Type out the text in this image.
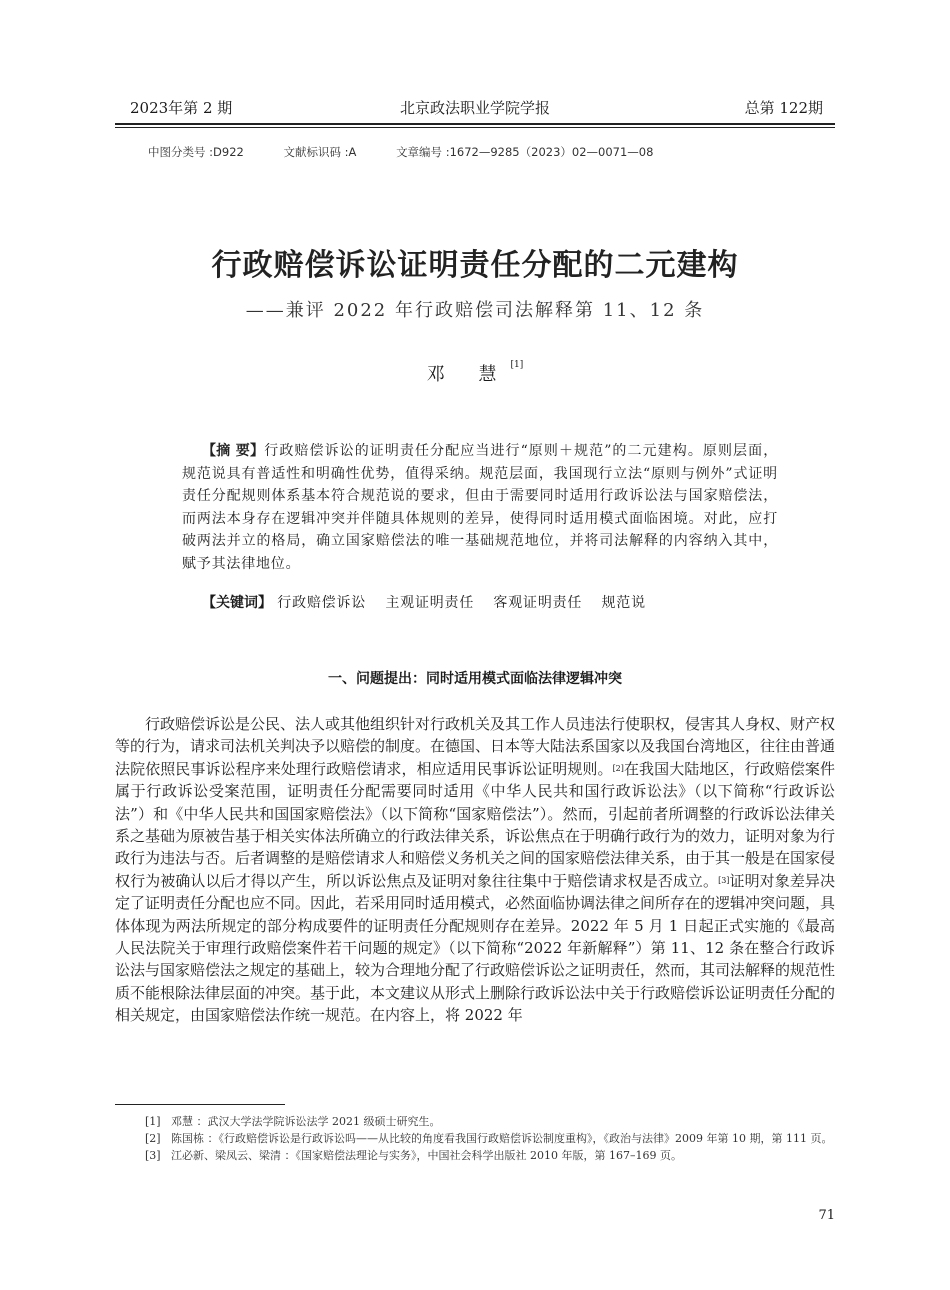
2023年第 2 期	北京政法职业学院学报	总第 122期
中图分类号 :D922	文献标识码 :A	文章编号 :1672—9285（2023）02—0071—08
行政赔偿诉讼证明责任分配的二元建构
——兼评 2022 年行政赔偿司法解释第 11、12 条
邓 慧[1]

【摘 要】行政赔偿诉讼的证明责任分配应当进行“原则＋规范”的二元建构。原则层面，规范说具有普适性和明确性优势，值得采纳。规范层面，我国现行立法“原则与例外”式证明责任分配规则体系基本符合规范说的要求，但由于需要同时适用行政诉讼法与国家赔偿法，而两法本身存在逻辑冲突并伴随具体规则的差异，使得同时适用模式面临困境。对此，应打破两法并立的格局，确立国家赔偿法的唯一基础规范地位，并将司法解释的内容纳入其中，赋予其法律地位。

【关键词】 行政赔偿诉讼 主观证明责任 客观证明责任 规范说
一、问题提出：同时适用模式面临法律逻辑冲突

行政赔偿诉讼是公民、法人或其他组织针对行政机关及其工作人员违法行使职权，侵害其人身权、财产权等的行为，请求司法机关判决予以赔偿的制度。在德国、日本等大陆法系国家以及我国台湾地区，往往由普通法院依照民事诉讼程序来处理行政赔偿请求，相应适用民事诉讼证明规则。[2]在我国大陆地区，行政赔偿案件属于行政诉讼受案范围，证明责任分配需要同时适用《中华人民共和国行政诉讼法》（以下简称“行政诉讼法”）和《中华人民共和国国家赔偿法》（以下简称“国家赔偿法”）。然而，引起前者所调整的行政诉讼法律关系之基础为原被告基于相关实体法所确立的行政法律关系，诉讼焦点在于明确行政行为的效力，证明对象为行政行为违法与否。后者调整的是赔偿请求人和赔偿义务机关之间的国家赔偿法律关系，由于其一般是在国家侵权行为被确认以后才得以产生，所以诉讼焦点及证明对象往往集中于赔偿请求权是否成立。[3]证明对象差异决定了证明责任分配也应不同。因此，若采用同时适用模式，必然面临协调法律之间所存在的逻辑冲突问题，具体体现为两法所规定的部分构成要件的证明责任分配规则存在差异。2022 年 5 月 1 日起正式实施的《最高人民法院关于审理行政赔偿案件若干问题的规定》（以下简称“2022 年新解释”）第 11、12 条在整合行政诉讼法与国家赔偿法之规定的基础上，较为合理地分配了行政赔偿诉讼之证明责任，然而，其司法解释的规范性质不能根除法律层面的冲突。基于此，本文建议从形式上删除行政诉讼法中关于行政赔偿诉讼证明责任分配的相关规定，由国家赔偿法作统一规范。在内容上，将 2022 年

[1] 邓慧 ：武汉大学法学院诉讼法学 2021 级硕士研究生。
[2] 陈国栋 ：《行政赔偿诉讼是行政诉讼吗——从比较的角度看我国行政赔偿诉讼制度重构》，《政治与法律》2009 年第 10 期，第 111 页。
[3] 江必新、梁凤云、梁清 ：《国家赔偿法理论与实务》，中国社会科学出版社 2010 年版，第 167–169 页。
71
